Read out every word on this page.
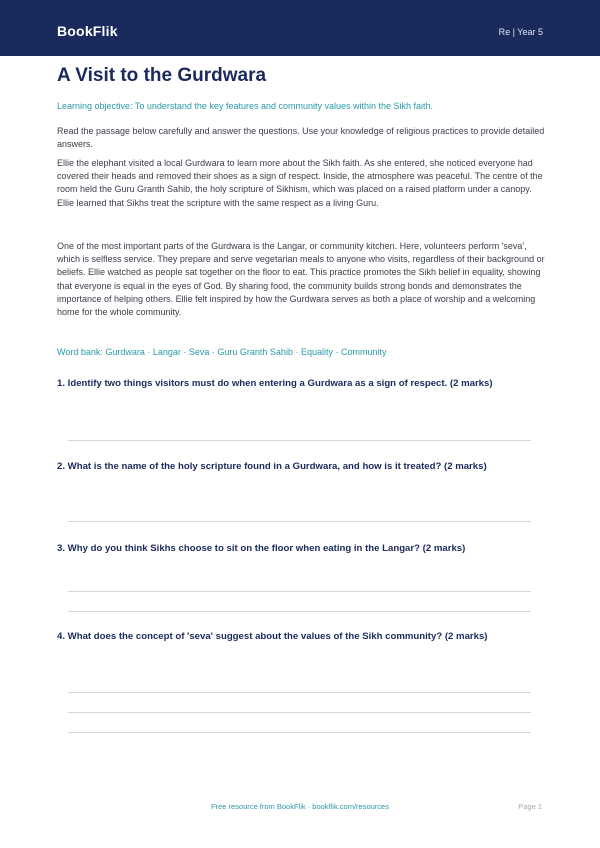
BookFlik	Re | Year 5
A Visit to the Gurdwara

Learning objective: To understand the key features and community values within the Sikh faith.

Read the passage below carefully and answer the questions. Use your knowledge of religious practices to provide detailed answers.

Ellie the elephant visited a local Gurdwara to learn more about the Sikh faith. As she entered, she noticed everyone had covered their heads and removed their shoes as a sign of respect. Inside, the atmosphere was peaceful. The centre of the room held the Guru Granth Sahib, the holy scripture of Sikhism, which was placed on a raised platform under a canopy. Ellie learned that Sikhs treat the scripture with the same respect as a living Guru.

One of the most important parts of the Gurdwara is the Langar, or community kitchen. Here, volunteers perform 'seva', which is selfless service. They prepare and serve vegetarian meals to anyone who visits, regardless of their background or beliefs. Ellie watched as people sat together on the floor to eat. This practice promotes the Sikh belief in equality, showing that everyone is equal in the eyes of God. By sharing food, the community builds strong bonds and demonstrates the importance of helping others. Ellie felt inspired by how the Gurdwara serves as both a place of worship and a welcoming home for the whole community.

Word bank: Gurdwara · Langar · Seva · Guru Granth Sahib · Equality · Community

1. Identify two things visitors must do when entering a Gurdwara as a sign of respect. (2 marks)

2. What is the name of the holy scripture found in a Gurdwara, and how is it treated? (2 marks)

3. Why do you think Sikhs choose to sit on the floor when eating in the Langar? (2 marks)

4. What does the concept of 'seva' suggest about the values of the Sikh community? (2 marks)

Free resource from BookFlik · bookflik.com/resources	Page 1
